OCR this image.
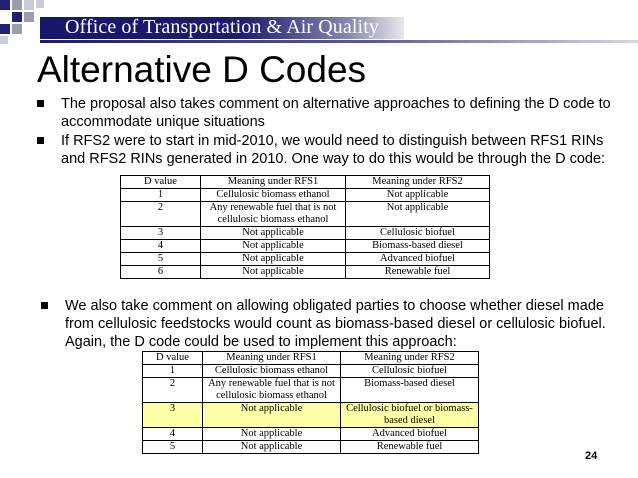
Office of Transportation & Air Quality
Alternative D Codes
The proposal also takes comment on alternative approaches to defining the D code to
accommodate unique situations
If RFS2 were to start in mid-2010, we would need to distinguish between RFS1 RINs
and RFS2 RINs generated in 2010. One way to do this would be through the D code:
D value	Meaning under RFS1	Meaning under RFS2
1	Cellulosic biomass ethanol	Not applicable
2	Any renewable fuel that is not
cellulosic biomass ethanol	Not applicable
3	Not applicable	Cellulosic biofuel
4	Not applicable	Biomass-based diesel
5	Not applicable	Advanced biofuel
6	Not applicable	Renewable fuel
We also take comment on allowing obligated parties to choose whether diesel made
from cellulosic feedstocks would count as biomass-based diesel or cellulosic biofuel.
Again, the D code could be used to implement this approach:
D value	Meaning under RFS1	Meaning under RFS2
1	Cellulosic biomass ethanol	Cellulosic biofuel
2	Any renewable fuel that is not
cellulosic biomass ethanol	Biomass-based diesel
3	Not applicable	Cellulosic biofuel or biomass-
based diesel

4	Not applicable	Advanced biofuel
5	Not applicable	Renewable fuel
24
